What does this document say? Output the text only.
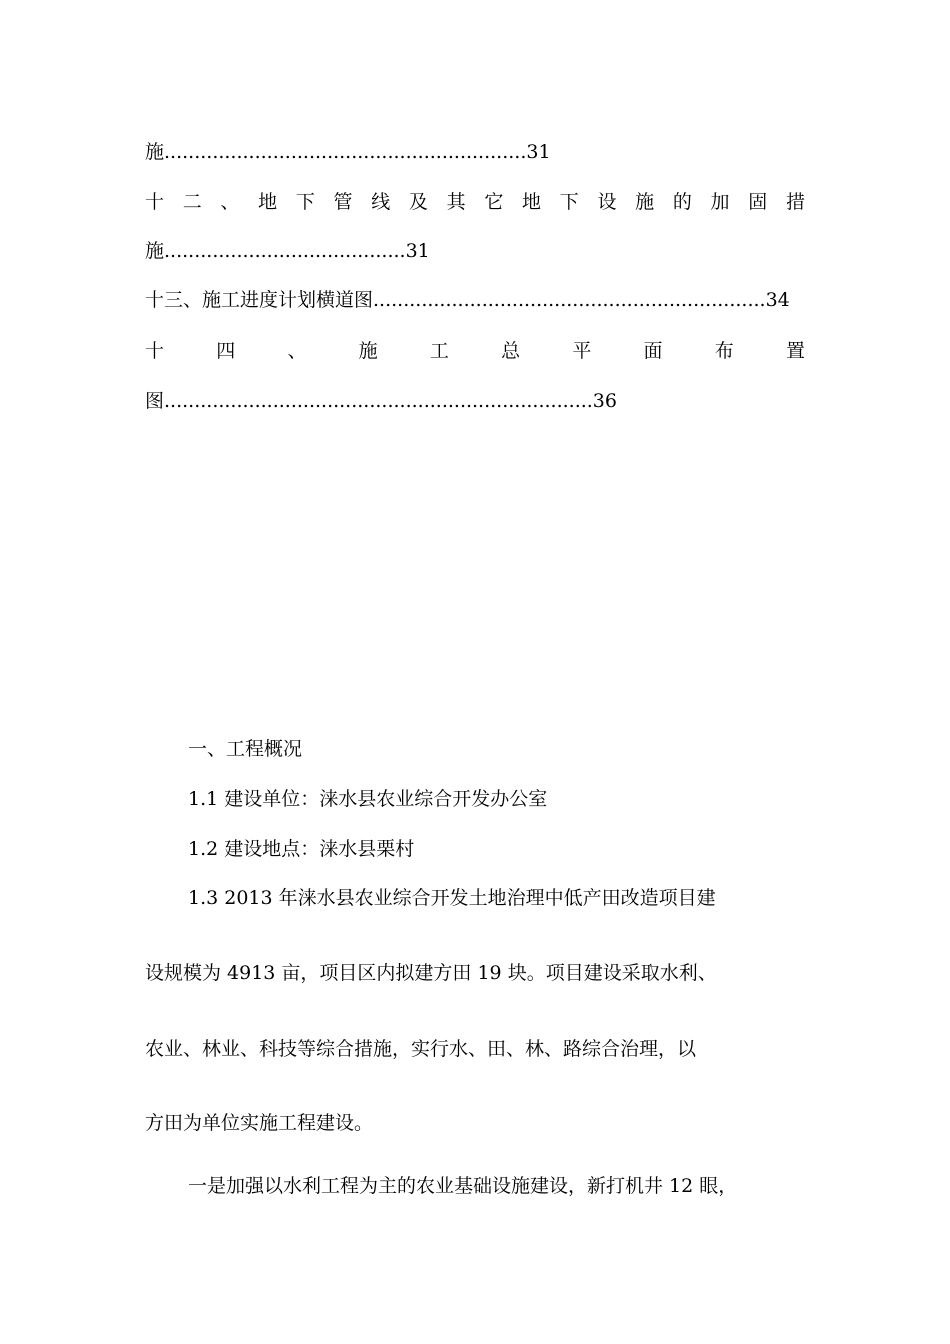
施............................................................31
十 二 、 地 下 管 线 及 其 它 地 下 设 施 的 加 固 措
施........................................31
十三、施工进度计划横道图.................................................................34
十	四	、	施	工	总	平	面	布	置
图.......................................................................36
一、工程概况
1.1 建设单位：涞水县农业综合开发办公室
1.2 建设地点：涞水县栗村
1.3 2013 年涞水县农业综合开发土地治理中低产田改造项目建
设规模为 4913 亩，项目区内拟建方田 19 块。项目建设采取水利、
农业、林业、科技等综合措施，实行水、田、林、路综合治理，以
方田为单位实施工程建设。
一是加强以水利工程为主的农业基础设施建设，新打机井 12 眼，
